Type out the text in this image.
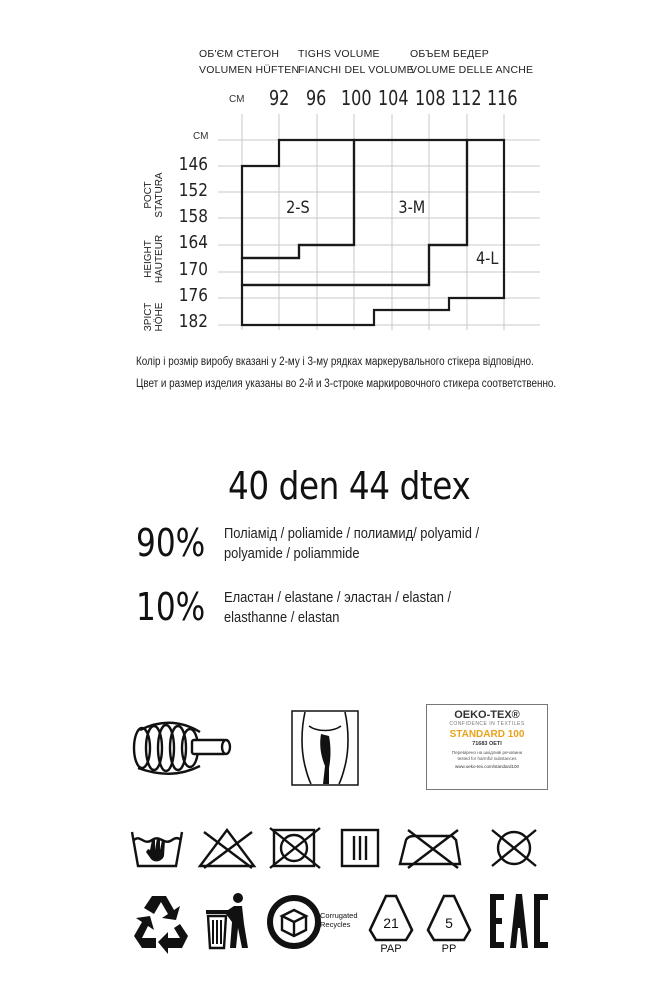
ОБ'ЄМ СТЕГОН
VOLUMEN HÜFTEN
TIGHS VOLUME
FIANCHI DEL VOLUME
ОБЪЕМ БЕДЕР
VOLUME DELLE ANCHE
СМ 92 96 100 104 108 112 116
СМ
146
152
158
164
170
176
182
РОСТ STATURA
HEIGHT HAUTEUR
ЗРІСТ HÖHE
2-S	3-M
4-L
Колір і розмір виробу вказані у 2-му і 3-му рядках маркерувального стікера відповідно.
Цвет и размер изделия указаны во 2-й и 3-строке маркировочного стикера соответственно.
40 den 44 dtex
90% Поліамід / poliamide / полиамид/ polyamid /
polyamide / poliammide
10% Еластан / elastane / эластан / elastan /
elasthanne / elastan
OEKO-TEX®
CONFIDENCE IN TEXTILES
STANDARD 100
71683 OETI
Перевірено на шкідливі речовини
tested for harmful substances
www.oeko-tex.com/standard100
Corrugated
Recycles 21
PAP
5
PP
